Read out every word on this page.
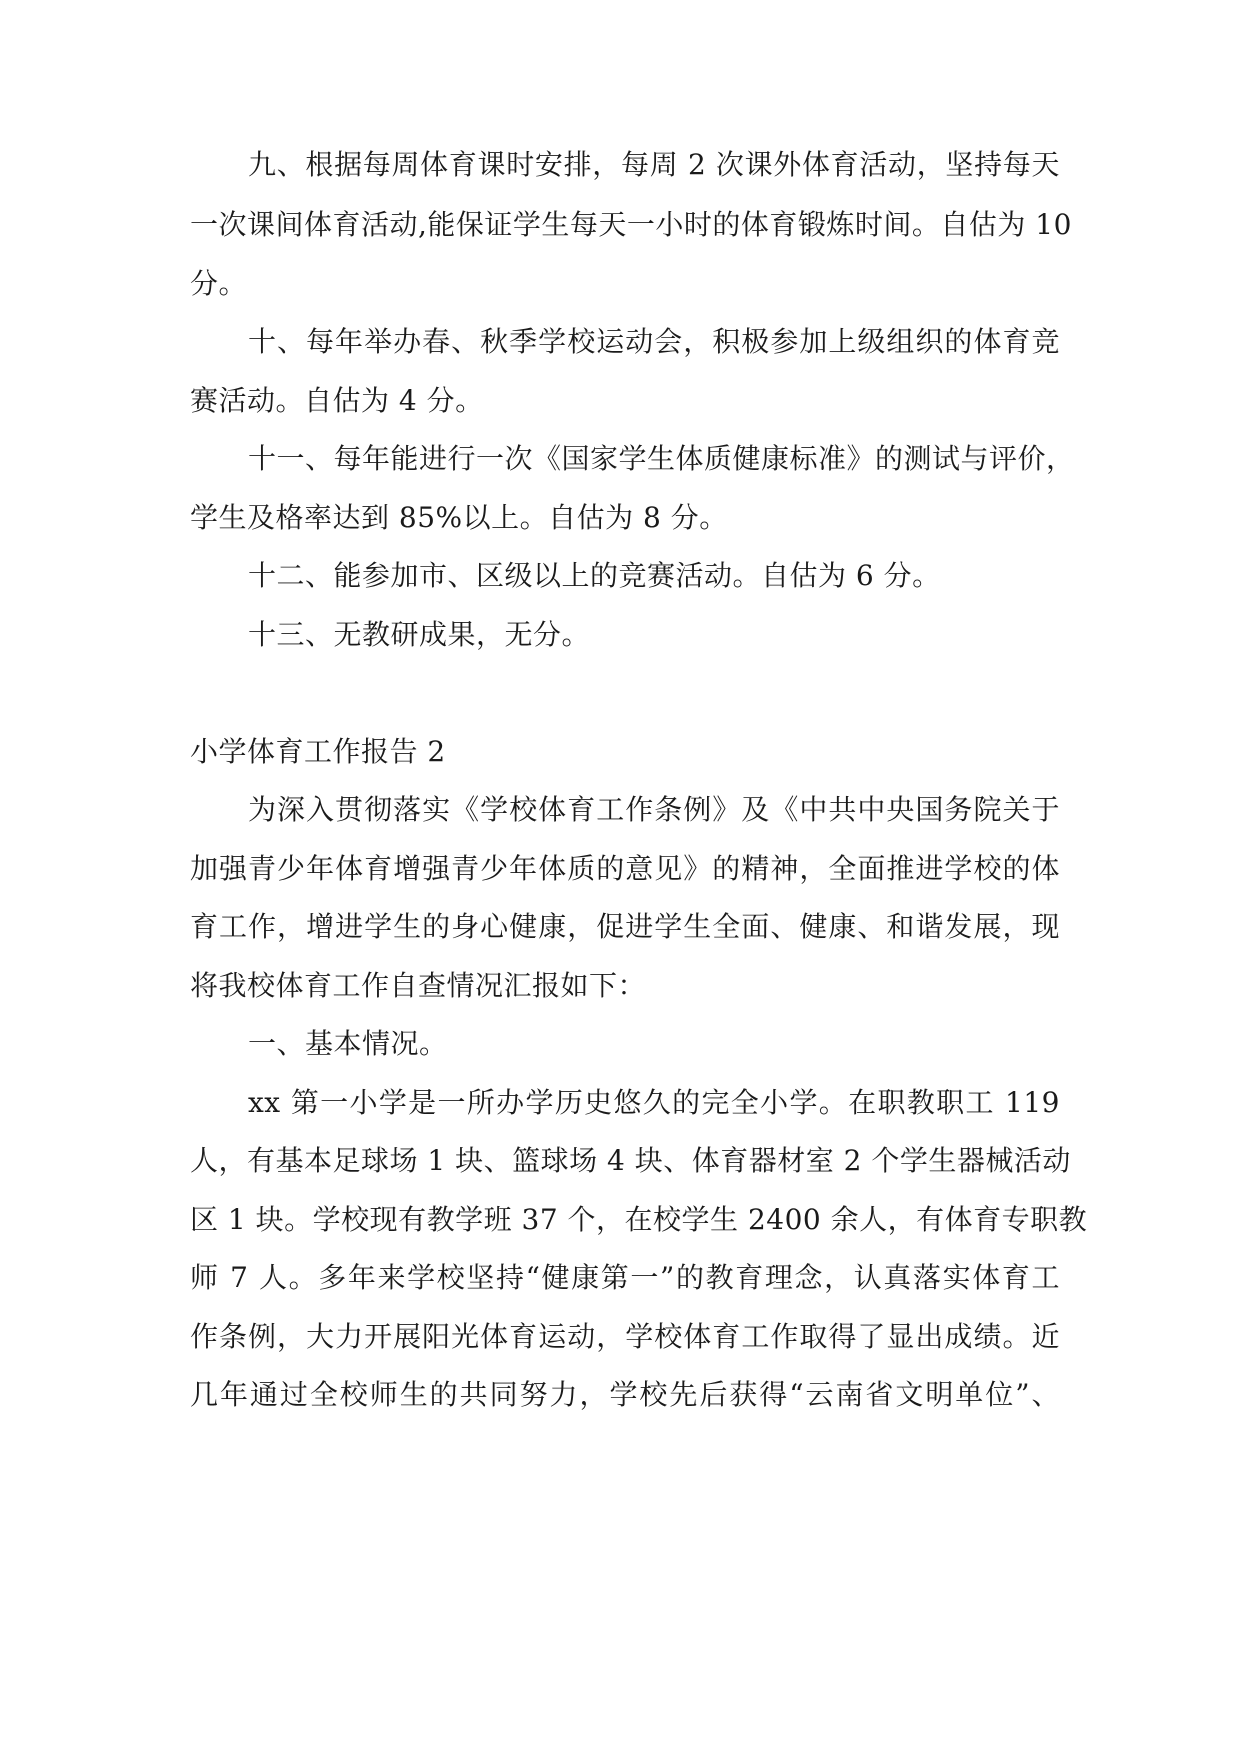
九、根据每周体育课时安排，每周 2 次课外体育活动，坚持每天
一次课间体育活动,能保证学生每天一小时的体育锻炼时间。自估为 10
分。
十、每年举办春、秋季学校运动会，积极参加上级组织的体育竞
赛活动。自估为 4 分。
十一、每年能进行一次《国家学生体质健康标准》的测试与评价，
学生及格率达到 85%以上。自估为 8 分。
十二、能参加市、区级以上的竞赛活动。自估为 6 分。
十三、无教研成果，无分。
小学体育工作报告 2
为深入贯彻落实《学校体育工作条例》及《中共中央国务院关于
加强青少年体育增强青少年体质的意见》的精神，全面推进学校的体
育工作，增进学生的身心健康，促进学生全面、健康、和谐发展，现
将我校体育工作自查情况汇报如下：
一、基本情况。
xx 第一小学是一所办学历史悠久的完全小学。在职教职工 119
人，有基本足球场 1 块、篮球场 4 块、体育器材室 2 个学生器械活动
区 1 块。学校现有教学班 37 个，在校学生 2400 余人，有体育专职教
师 7 人。多年来学校坚持“健康第一”的教育理念，认真落实体育工
作条例，大力开展阳光体育运动，学校体育工作取得了显出成绩。近
几年通过全校师生的共同努力，学校先后获得“云南省文明单位”、
